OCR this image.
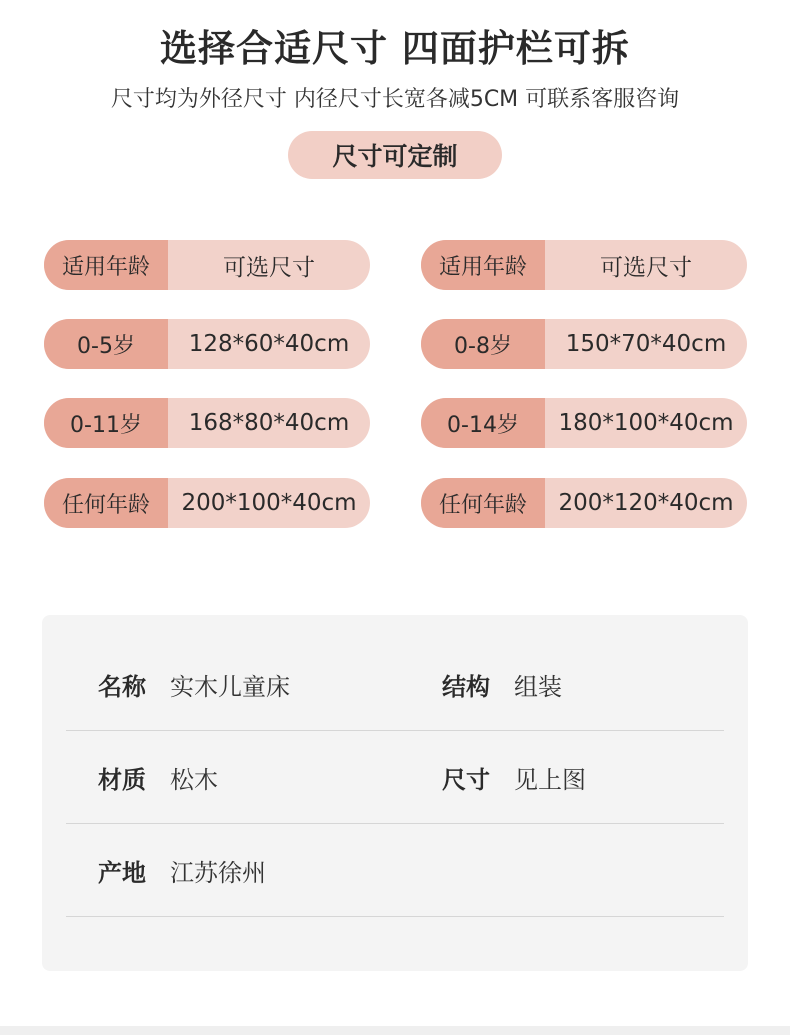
选择合适尺寸 四面护栏可拆
尺寸均为外径尺寸 内径尺寸长宽各减5CM 可联系客服咨询
尺寸可定制
适用年龄	可选尺寸
0-5岁	128*60*40cm
0-11岁	168*80*40cm
任何年龄	200*100*40cm
适用年龄	可选尺寸
0-8岁	150*70*40cm
0-14岁	180*100*40cm
任何年龄	200*120*40cm
名称 实木儿童床	结构 组装
材质 松木	尺寸 见上图
产地 江苏徐州
